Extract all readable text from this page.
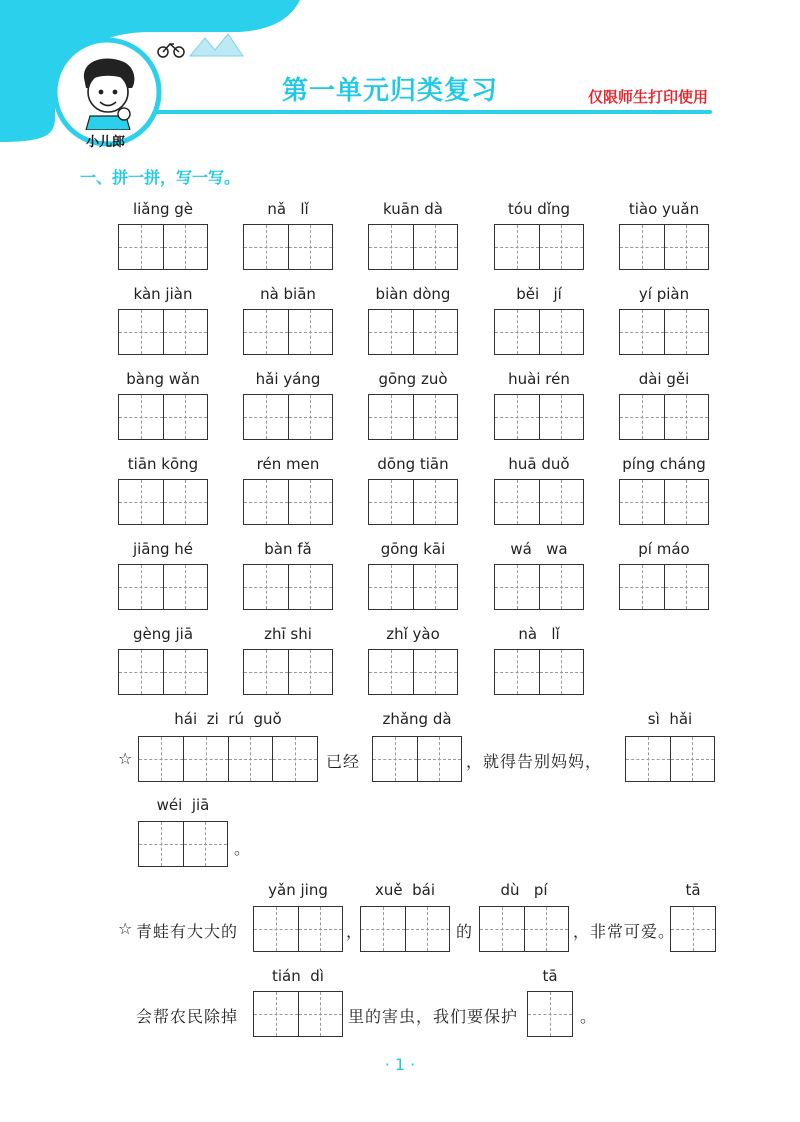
小儿郎
第一单元归类复习	仅限师生打印使用
一、拼一拼，写一写。
liǎng gè	nǎ   lǐ	kuān dà	tóu dǐng	tiào yuǎn
kàn jiàn	nà biān	biàn dòng	běi   jí	yí piàn
bàng wǎn	hǎi yáng	gōng zuò	huài rén	dài gěi
tiān kōng	rén men	dōng tiān	huā duǒ	píng cháng
jiāng hé	bàn fǎ	gōng kāi	wá   wa	pí máo
gèng jiā	zhī shi	zhǐ yào	nà   lǐ
hái  zi  rú  guǒ	zhǎng dà	sì  hǎi
☆	已经	，就得告别妈妈，
wéi  jiā
。
yǎn jing	xuě  bái	dù   pí	tā
☆ 青蛙有大大的	，	的	，非常可爱。
tián  dì	tā
会帮农民除掉	里的害虫，我们要保护	。
· 1 ·
